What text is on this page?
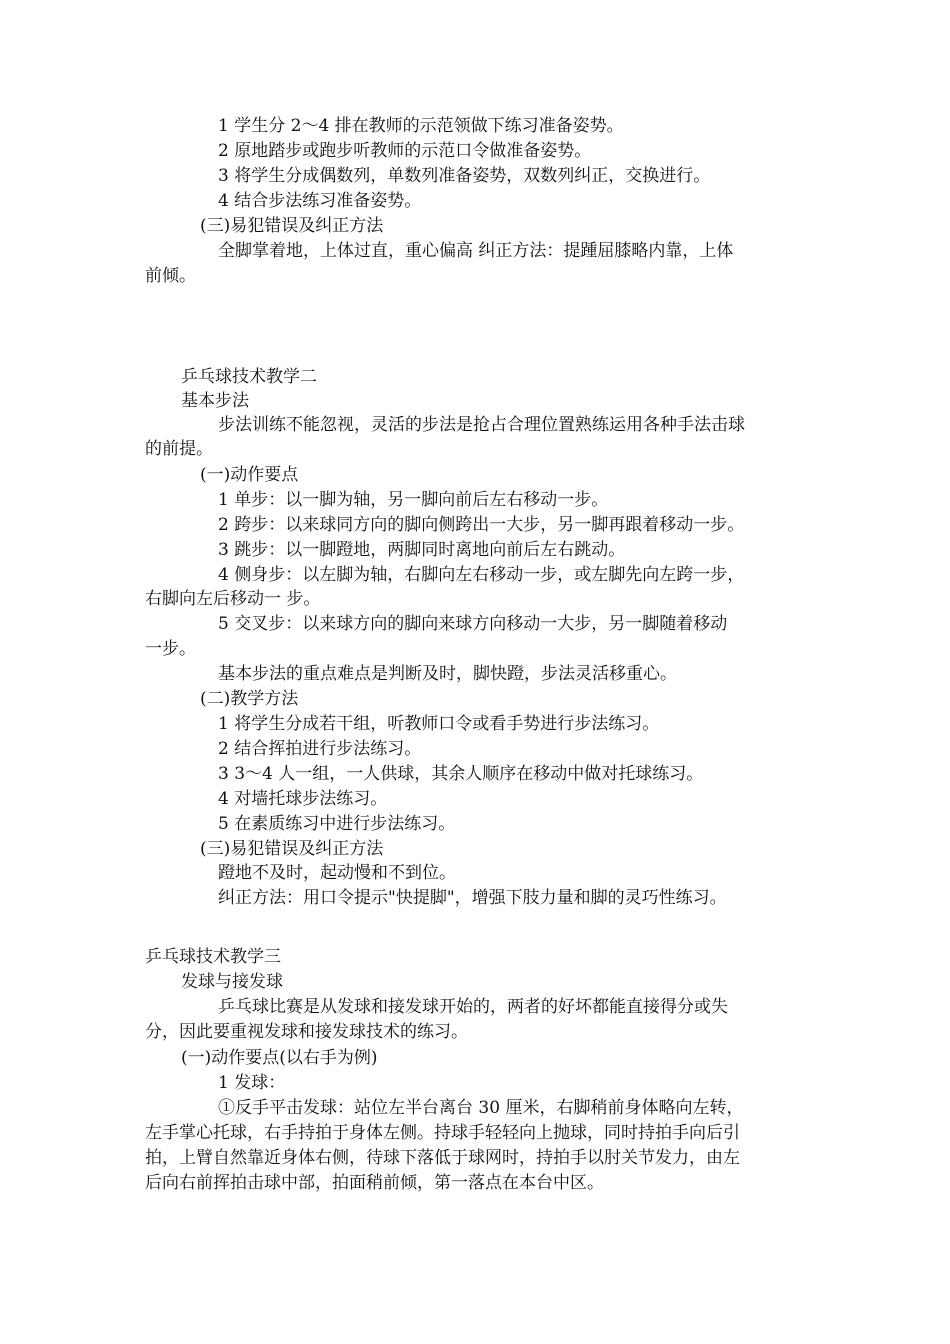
1 学生分 2～4 排在教师的示范领做下练习准备姿势。

2 原地踏步或跑步听教师的示范口令做准备姿势。

3 将学生分成偶数列，单数列准备姿势，双数列纠正，交换进行。

4 结合步法练习准备姿势。

(三)易犯错误及纠正方法

全脚掌着地，上体过直，重心偏高 纠正方法：提踵屈膝略内靠，上体

前倾。

乒乓球技术教学二

基本步法

步法训练不能忽视，灵活的步法是抢占合理位置熟练运用各种手法击球

的前提。

(一)动作要点

1 单步：以一脚为轴，另一脚向前后左右移动一步。

2 跨步：以来球同方向的脚向侧跨出一大步，另一脚再跟着移动一步。

3 跳步：以一脚蹬地，两脚同时离地向前后左右跳动。

4 侧身步：以左脚为轴，右脚向左右移动一步，或左脚先向左跨一步，

右脚向左后移动一 步。

5 交叉步：以来球方向的脚向来球方向移动一大步，另一脚随着移动

一步。

基本步法的重点难点是判断及时，脚快蹬，步法灵活移重心。

(二)教学方法

1 将学生分成若干组，听教师口令或看手势进行步法练习。

2 结合挥拍进行步法练习。

3 3～4 人一组，一人供球，其余人顺序在移动中做对托球练习。

4 对墙托球步法练习。

5 在素质练习中进行步法练习。

(三)易犯错误及纠正方法

蹬地不及时，起动慢和不到位。

纠正方法：用口令提示"快提脚"，增强下肢力量和脚的灵巧性练习。

乒乓球技术教学三

发球与接发球

乒乓球比赛是从发球和接发球开始的，两者的好坏都能直接得分或失

分，因此要重视发球和接发球技术的练习。

(一)动作要点(以右手为例)

1 发球：

①反手平击发球：站位左半台离台 30 厘米，右脚稍前身体略向左转，

左手掌心托球，右手持拍于身体左侧。持球手轻轻向上抛球，同时持拍手向后引

拍，上臂自然靠近身体右侧，待球下落低于球网时，持拍手以肘关节发力，由左

后向右前挥拍击球中部，拍面稍前倾，第一落点在本台中区。
